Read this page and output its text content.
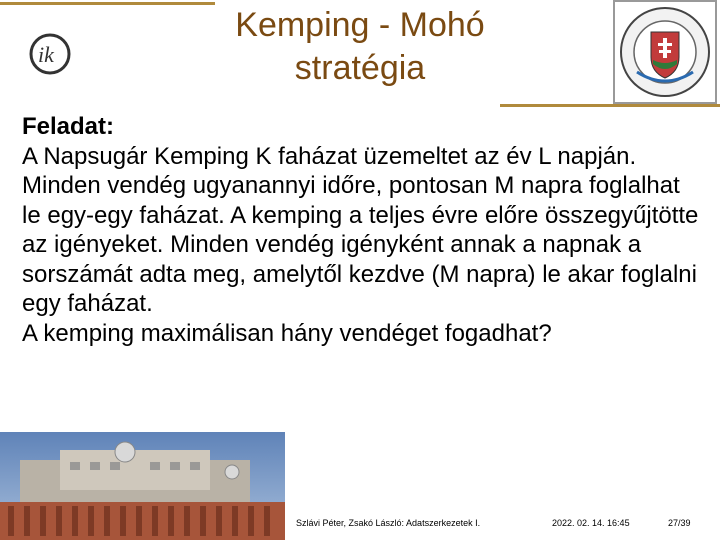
ik
Kemping - Mohó
stratégia

Feladat:

A Napsugár Kemping K faházat üzemeltet az év L napján. Minden vendég ugyanannyi időre, pontosan M napra foglalhat le egy-egy faházat. A kemping a teljes évre előre összegyűjtötte az igényeket. Minden vendég igényként annak a napnak a sorszámát adta meg, amelytől kezdve (M napra) le akar foglalni egy faházat.

A kemping maximálisan hány vendéget fogadhat?

Szlávi Péter, Zsakó László: Adatszerkezetek I.	2022. 02. 14. 16:45	27/39
